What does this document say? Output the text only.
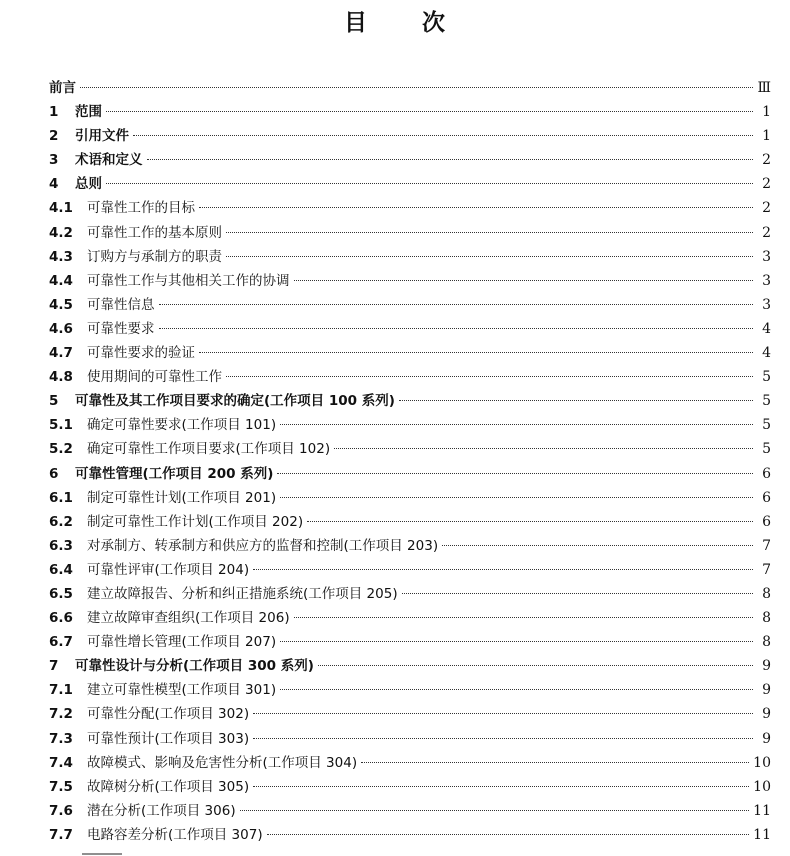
目 次
前言	Ⅲ
1	范围	1
2	引用文件	1
3	术语和定义	2
4	总则	2
4.1	可靠性工作的目标	2
4.2	可靠性工作的基本原则	2
4.3	订购方与承制方的职责	3
4.4	可靠性工作与其他相关工作的协调	3
4.5	可靠性信息	3
4.6	可靠性要求	4
4.7	可靠性要求的验证	4
4.8	使用期间的可靠性工作	5
5	可靠性及其工作项目要求的确定(工作项目 100 系列)	5
5.1	确定可靠性要求(工作项目 101)	5
5.2	确定可靠性工作项目要求(工作项目 102)	5
6	可靠性管理(工作项目 200 系列)	6
6.1	制定可靠性计划(工作项目 201)	6
6.2	制定可靠性工作计划(工作项目 202)	6
6.3	对承制方、转承制方和供应方的监督和控制(工作项目 203)	7
6.4	可靠性评审(工作项目 204)	7
6.5	建立故障报告、分析和纠正措施系统(工作项目 205)	8
6.6	建立故障审查组织(工作项目 206)	8
6.7	可靠性增长管理(工作项目 207)	8
7	可靠性设计与分析(工作项目 300 系列)	9
7.1	建立可靠性模型(工作项目 301)	9
7.2	可靠性分配(工作项目 302)	9
7.3	可靠性预计(工作项目 303)	9
7.4	故障模式、影响及危害性分析(工作项目 304)	10
7.5	故障树分析(工作项目 305)	10
7.6	潜在分析(工作项目 306)	11
7.7	电路容差分析(工作项目 307)	11
